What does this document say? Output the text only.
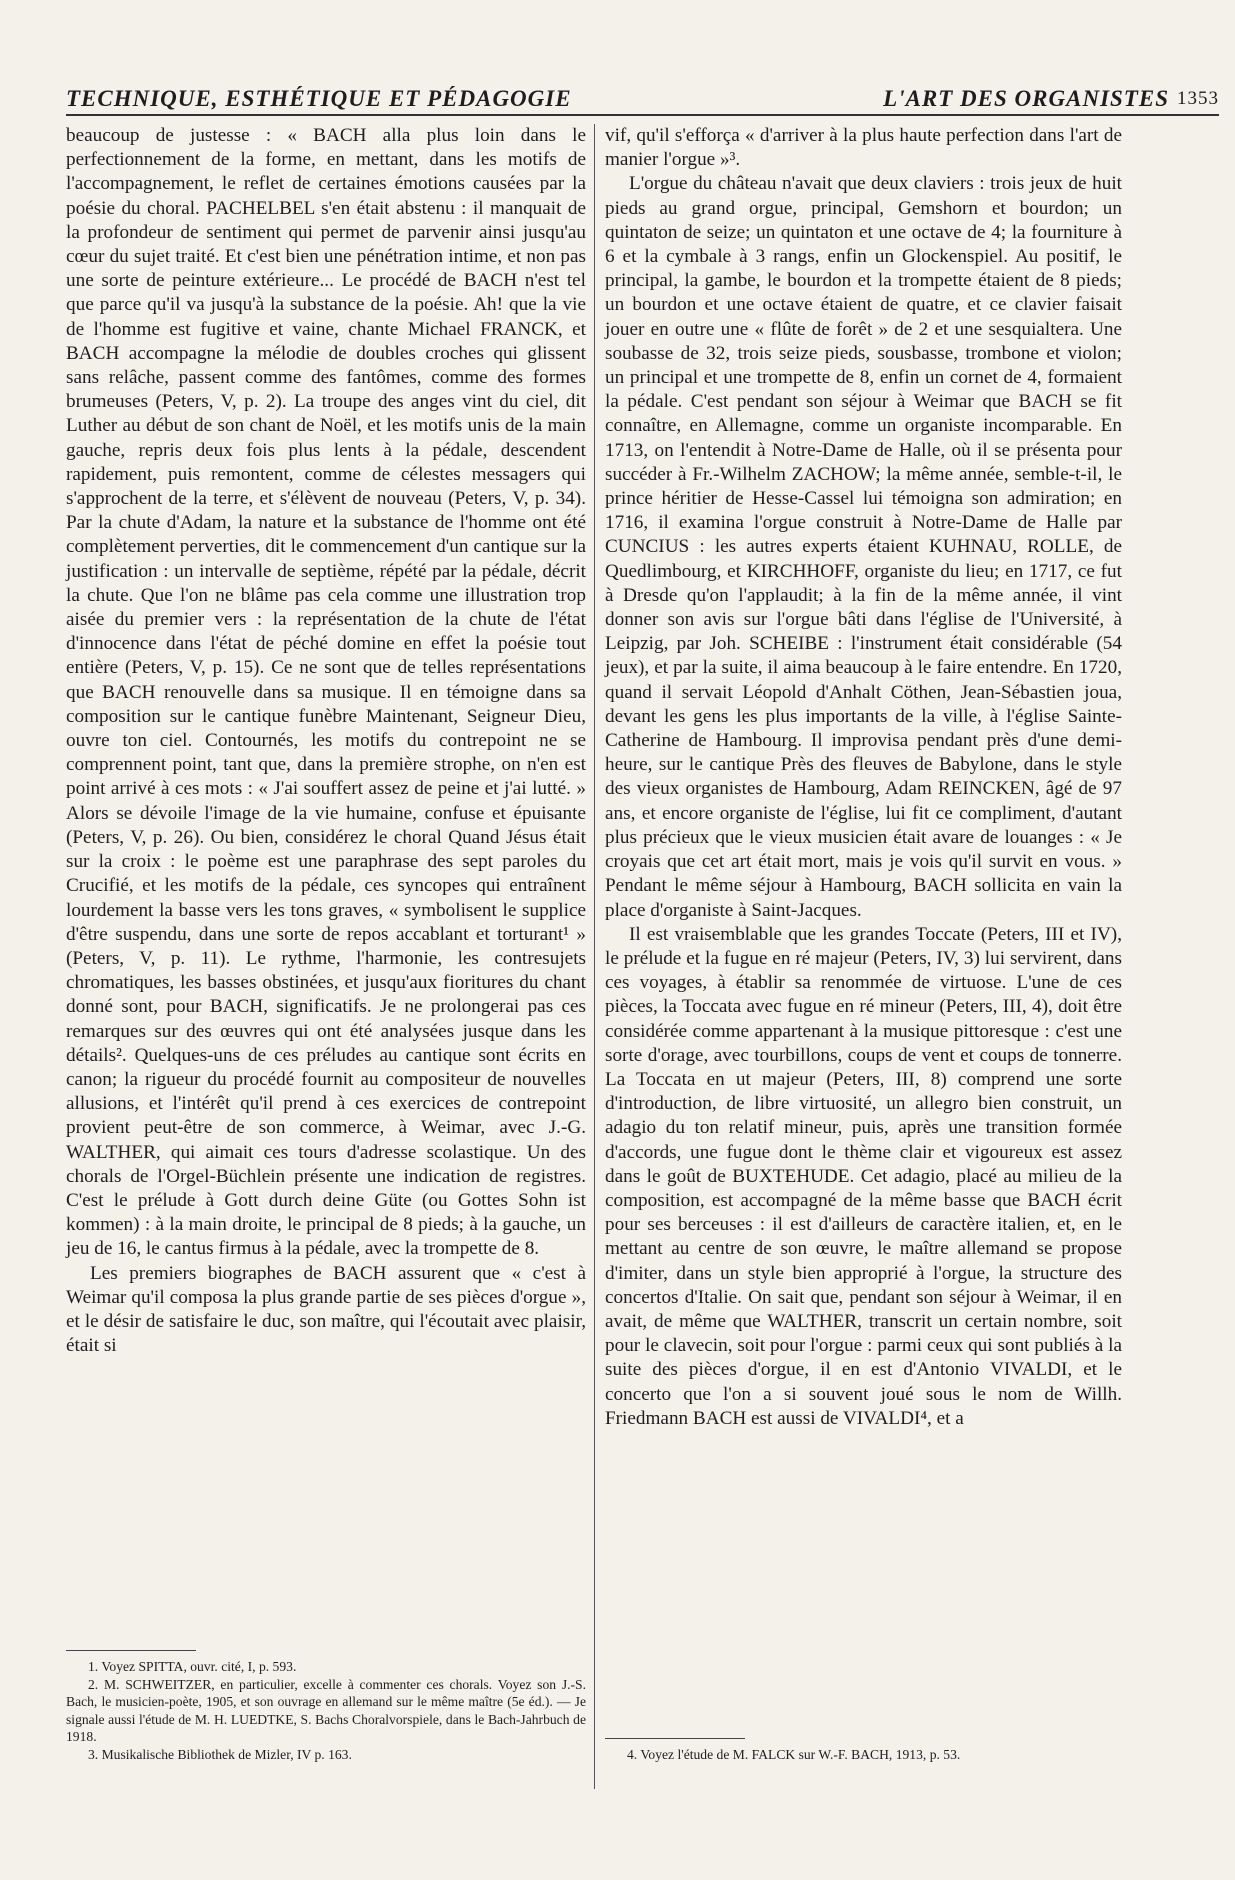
TECHNIQUE, ESTHÉTIQUE ET PÉDAGOGIE	L'ART DES ORGANISTES 1353

beaucoup de justesse : « BACH alla plus loin dans le perfectionnement de la forme, en mettant, dans les motifs de l'accompagnement, le reflet de certaines émotions causées par la poésie du choral. PACHELBEL s'en était abstenu : il manquait de la profondeur de sentiment qui permet de parvenir ainsi jusqu'au cœur du sujet traité. Et c'est bien une pénétration intime, et non pas une sorte de peinture extérieure... Le procédé de BACH n'est tel que parce qu'il va jusqu'à la substance de la poésie. Ah! que la vie de l'homme est fugitive et vaine, chante Michael FRANCK, et BACH accompagne la mélodie de doubles croches qui glissent sans relâche, passent comme des fantômes, comme des formes brumeuses (Peters, V, p. 2). La troupe des anges vint du ciel, dit Luther au début de son chant de Noël, et les motifs unis de la main gauche, repris deux fois plus lents à la pédale, descendent rapidement, puis remontent, comme de célestes messagers qui s'approchent de la terre, et s'élèvent de nouveau (Peters, V, p. 34). Par la chute d'Adam, la nature et la substance de l'homme ont été complètement perverties, dit le commencement d'un cantique sur la justification : un intervalle de septième, répété par la pédale, décrit la chute. Que l'on ne blâme pas cela comme une illustration trop aisée du premier vers : la représentation de la chute de l'état d'innocence dans l'état de péché domine en effet la poésie tout entière (Peters, V, p. 15). Ce ne sont que de telles représentations que BACH renouvelle dans sa musique. Il en témoigne dans sa composition sur le cantique funèbre Maintenant, Seigneur Dieu, ouvre ton ciel. Contournés, les motifs du contrepoint ne se comprennent point, tant que, dans la première strophe, on n'en est point arrivé à ces mots : « J'ai souffert assez de peine et j'ai lutté. » Alors se dévoile l'image de la vie humaine, confuse et épuisante (Peters, V, p. 26). Ou bien, considérez le choral Quand Jésus était sur la croix : le poème est une paraphrase des sept paroles du Crucifié, et les motifs de la pédale, ces syncopes qui entraînent lourdement la basse vers les tons graves, « symbolisent le supplice d'être suspendu, dans une sorte de repos accablant et torturant¹ » (Peters, V, p. 11). Le rythme, l'harmonie, les contresujets chromatiques, les basses obstinées, et jusqu'aux fioritures du chant donné sont, pour BACH, significatifs. Je ne prolongerai pas ces remarques sur des œuvres qui ont été analysées jusque dans les détails². Quelques-uns de ces préludes au cantique sont écrits en canon; la rigueur du procédé fournit au compositeur de nouvelles allusions, et l'intérêt qu'il prend à ces exercices de contrepoint provient peut-être de son commerce, à Weimar, avec J.-G. WALTHER, qui aimait ces tours d'adresse scolastique. Un des chorals de l'Orgel-Büchlein présente une indication de registres. C'est le prélude à Gott durch deine Güte (ou Gottes Sohn ist kommen) : à la main droite, le principal de 8 pieds; à la gauche, un jeu de 16, le cantus firmus à la pédale, avec la trompette de 8.

Les premiers biographes de BACH assurent que « c'est à Weimar qu'il composa la plus grande partie de ses pièces d'orgue », et le désir de satisfaire le duc, son maître, qui l'écoutait avec plaisir, était si

vif, qu'il s'efforça « d'arriver à la plus haute perfection dans l'art de manier l'orgue »³.

L'orgue du château n'avait que deux claviers : trois jeux de huit pieds au grand orgue, principal, Gemshorn et bourdon; un quintaton de seize; un quintaton et une octave de 4; la fourniture à 6 et la cymbale à 3 rangs, enfin un Glockenspiel. Au positif, le principal, la gambe, le bourdon et la trompette étaient de 8 pieds; un bourdon et une octave étaient de quatre, et ce clavier faisait jouer en outre une « flûte de forêt » de 2 et une sesquialtera. Une soubasse de 32, trois seize pieds, sousbasse, trombone et violon; un principal et une trompette de 8, enfin un cornet de 4, formaient la pédale. C'est pendant son séjour à Weimar que BACH se fit connaître, en Allemagne, comme un organiste incomparable. En 1713, on l'entendit à Notre-Dame de Halle, où il se présenta pour succéder à Fr.-Wilhelm ZACHOW; la même année, semble-t-il, le prince héritier de Hesse-Cassel lui témoigna son admiration; en 1716, il examina l'orgue construit à Notre-Dame de Halle par CUNCIUS : les autres experts étaient KUHNAU, ROLLE, de Quedlimbourg, et KIRCHHOFF, organiste du lieu; en 1717, ce fut à Dresde qu'on l'applaudit; à la fin de la même année, il vint donner son avis sur l'orgue bâti dans l'église de l'Université, à Leipzig, par Joh. SCHEIBE : l'instrument était considérable (54 jeux), et par la suite, il aima beaucoup à le faire entendre. En 1720, quand il servait Léopold d'Anhalt Cöthen, Jean-Sébastien joua, devant les gens les plus importants de la ville, à l'église Sainte-Catherine de Hambourg. Il improvisa pendant près d'une demi-heure, sur le cantique Près des fleuves de Babylone, dans le style des vieux organistes de Hambourg, Adam REINCKEN, âgé de 97 ans, et encore organiste de l'église, lui fit ce compliment, d'autant plus précieux que le vieux musicien était avare de louanges : « Je croyais que cet art était mort, mais je vois qu'il survit en vous. » Pendant le même séjour à Hambourg, BACH sollicita en vain la place d'organiste à Saint-Jacques.

Il est vraisemblable que les grandes Toccate (Peters, III et IV), le prélude et la fugue en ré majeur (Peters, IV, 3) lui servirent, dans ces voyages, à établir sa renommée de virtuose. L'une de ces pièces, la Toccata avec fugue en ré mineur (Peters, III, 4), doit être considérée comme appartenant à la musique pittoresque : c'est une sorte d'orage, avec tourbillons, coups de vent et coups de tonnerre. La Toccata en ut majeur (Peters, III, 8) comprend une sorte d'introduction, de libre virtuosité, un allegro bien construit, un adagio du ton relatif mineur, puis, après une transition formée d'accords, une fugue dont le thème clair et vigoureux est assez dans le goût de BUXTEHUDE. Cet adagio, placé au milieu de la composition, est accompagné de la même basse que BACH écrit pour ses berceuses : il est d'ailleurs de caractère italien, et, en le mettant au centre de son œuvre, le maître allemand se propose d'imiter, dans un style bien approprié à l'orgue, la structure des concertos d'Italie. On sait que, pendant son séjour à Weimar, il en avait, de même que WALTHER, transcrit un certain nombre, soit pour le clavecin, soit pour l'orgue : parmi ceux qui sont publiés à la suite des pièces d'orgue, il en est d'Antonio VIVALDI, et le concerto que l'on a si souvent joué sous le nom de Willh. Friedmann BACH est aussi de VIVALDI⁴, et a

1. Voyez SPITTA, ouvr. cité, I, p. 593.

2. M. SCHWEITZER, en particulier, excelle à commenter ces chorals. Voyez son J.-S. Bach, le musicien-poète, 1905, et son ouvrage en allemand sur le même maître (5e éd.). — Je signale aussi l'étude de M. H. LUEDTKE, S. Bachs Choralvorspiele, dans le Bach-Jahrbuch de 1918.

3. Musikalische Bibliothek de Mizler, IV p. 163.	4. Voyez l'étude de M. FALCK sur W.-F. BACH, 1913, p. 53.
